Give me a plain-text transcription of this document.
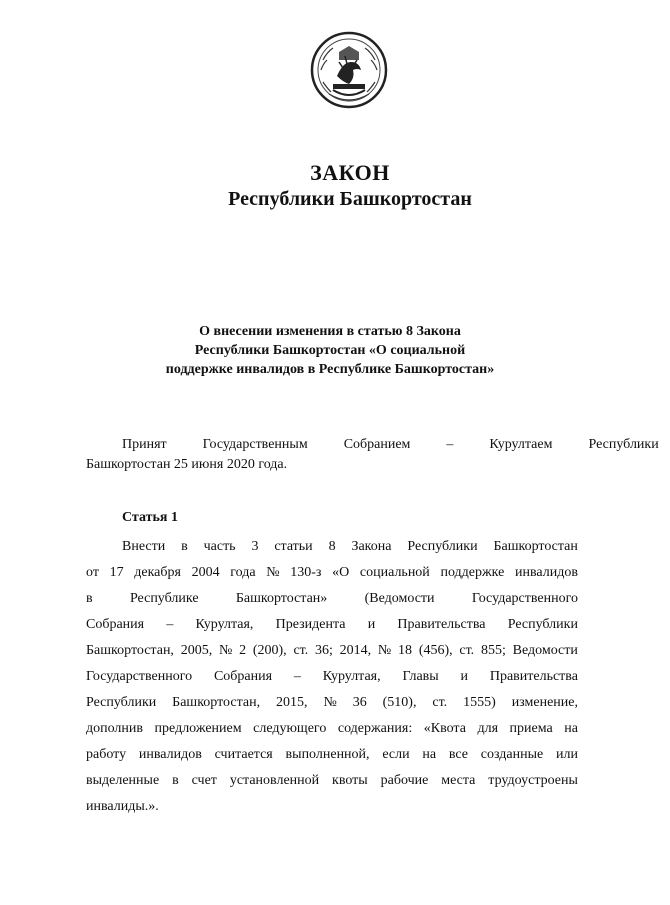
ЗАКОН
Республики Башкортостан
О внесении изменения в статью 8 Закона
Республики Башкортостан «О социальной
поддержке инвалидов в Республике Башкортостан»
Принят	Государственным	Собранием	–	Курултаем	Республики
Башкортостан 25 июня 2020 года.
Статья 1
Внести в часть 3 статьи 8 Закона Республики Башкортостан
от 17 декабря 2004 года № 130-з «О социальной поддержке инвалидов
в	Республике	Башкортостан»	(Ведомости	Государственного
Собрания – Курултая, Президента и Правительства Республики
Башкортостан, 2005, № 2 (200), ст. 36; 2014, № 18 (456), ст. 855; Ведомости
Государственного Собрания – Курултая, Главы и Правительства
Республики Башкортостан, 2015, № 36 (510), ст. 1555) изменение,
дополнив предложением следующего содержания: «Квота для приема на
работу инвалидов считается выполненной, если на все созданные или
выделенные в счет установленной квоты рабочие места трудоустроены
инвалиды.».
